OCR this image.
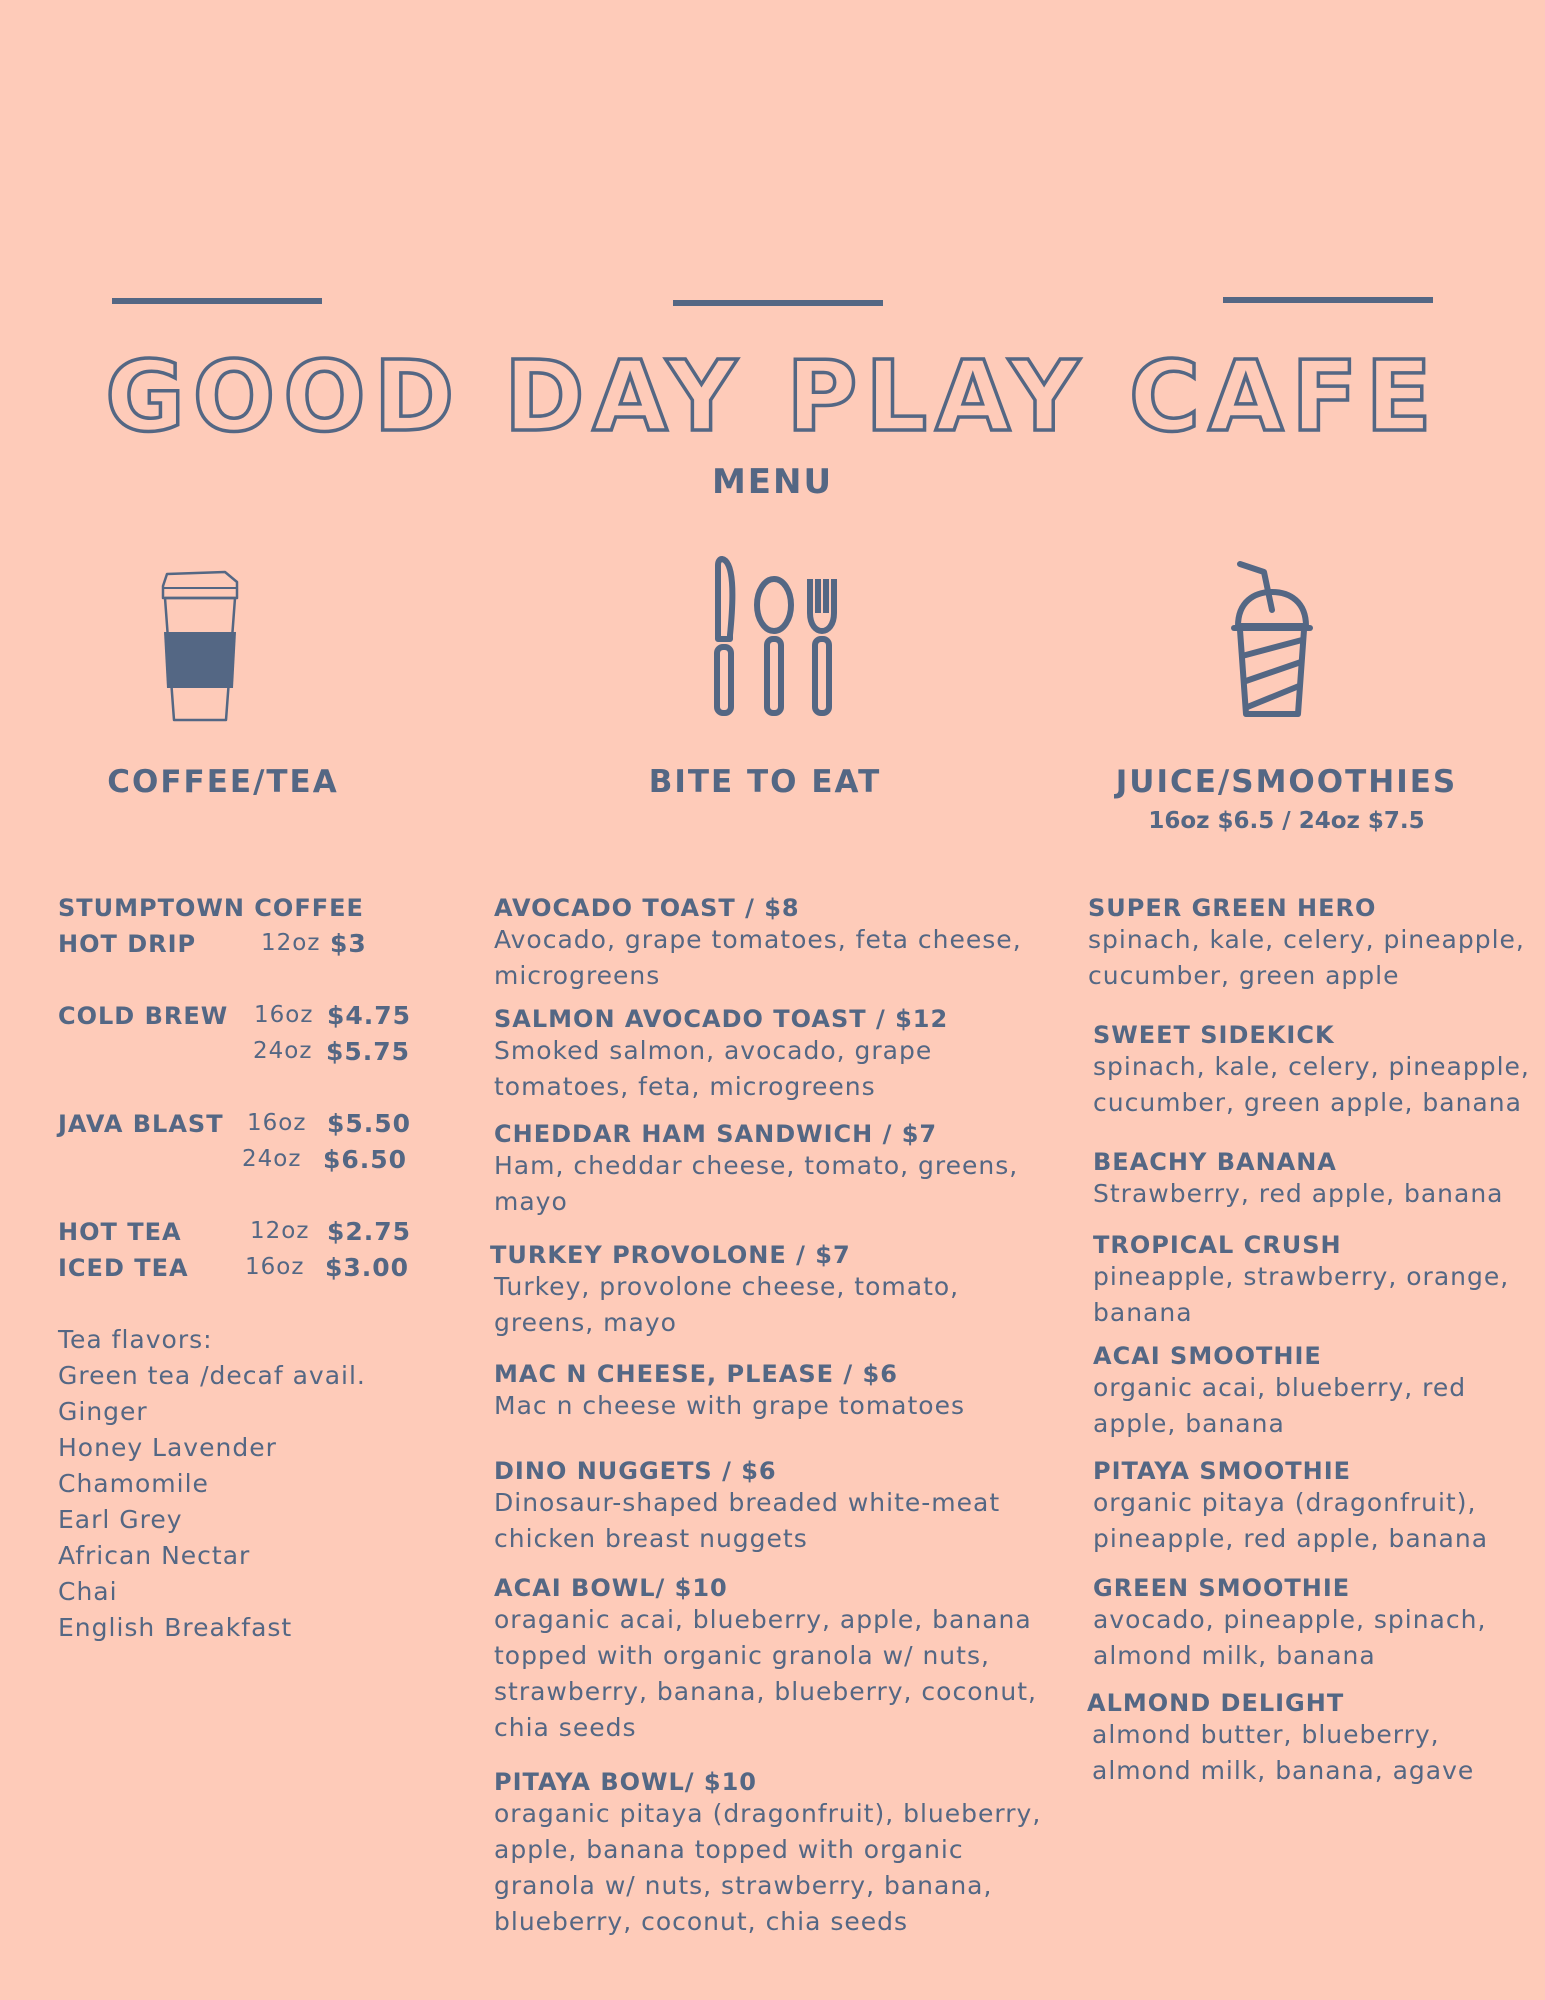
GOOD DAY PLAY CAFE
MENU
COFFEE/TEA	BITE TO EAT	JUICE/SMOOTHIES
16oz $6.5 / 24oz $7.5
STUMPTOWN COFFEE
HOT DRIP	12oz $3
COLD BREW 16oz $4.75
24oz $5.75
JAVA BLAST 16oz $5.50
24oz $6.50
HOT TEA	12oz $2.75
ICED TEA 16oz $3.00
Tea flavors:
Green tea /decaf avail.
Ginger
Honey Lavender
Chamomile
Earl Grey
African Nectar
Chai
English Breakfast
AVOCADO TOAST / $8
Avocado, grape tomatoes, feta cheese,
microgreens
SALMON AVOCADO TOAST / $12
Smoked salmon, avocado, grape
tomatoes, feta, microgreens
CHEDDAR HAM SANDWICH / $7
Ham, cheddar cheese, tomato, greens,
mayo
TURKEY PROVOLONE / $7
Turkey, provolone cheese, tomato,
greens, mayo
MAC N CHEESE, PLEASE / $6
Mac n cheese with grape tomatoes
DINO NUGGETS / $6
Dinosaur-shaped breaded white-meat
chicken breast nuggets
ACAI BOWL/ $10
oraganic acai, blueberry, apple, banana
topped with organic granola w/ nuts,
strawberry, banana, blueberry, coconut,
chia seeds
PITAYA BOWL/ $10
oraganic pitaya (dragonfruit), blueberry,
apple, banana topped with organic
granola w/ nuts, strawberry, banana,
blueberry, coconut, chia seeds
SUPER GREEN HERO
spinach, kale, celery, pineapple,
cucumber, green apple
SWEET SIDEKICK
spinach, kale, celery, pineapple,
cucumber, green apple, banana
BEACHY BANANA
Strawberry, red apple, banana
TROPICAL CRUSH
pineapple, strawberry, orange,
banana
ACAI SMOOTHIE
organic acai, blueberry, red
apple, banana
PITAYA SMOOTHIE
organic pitaya (dragonfruit),
pineapple, red apple, banana
GREEN SMOOTHIE
avocado, pineapple, spinach,
almond milk, banana
ALMOND DELIGHT
almond butter, blueberry,
almond milk, banana, agave
